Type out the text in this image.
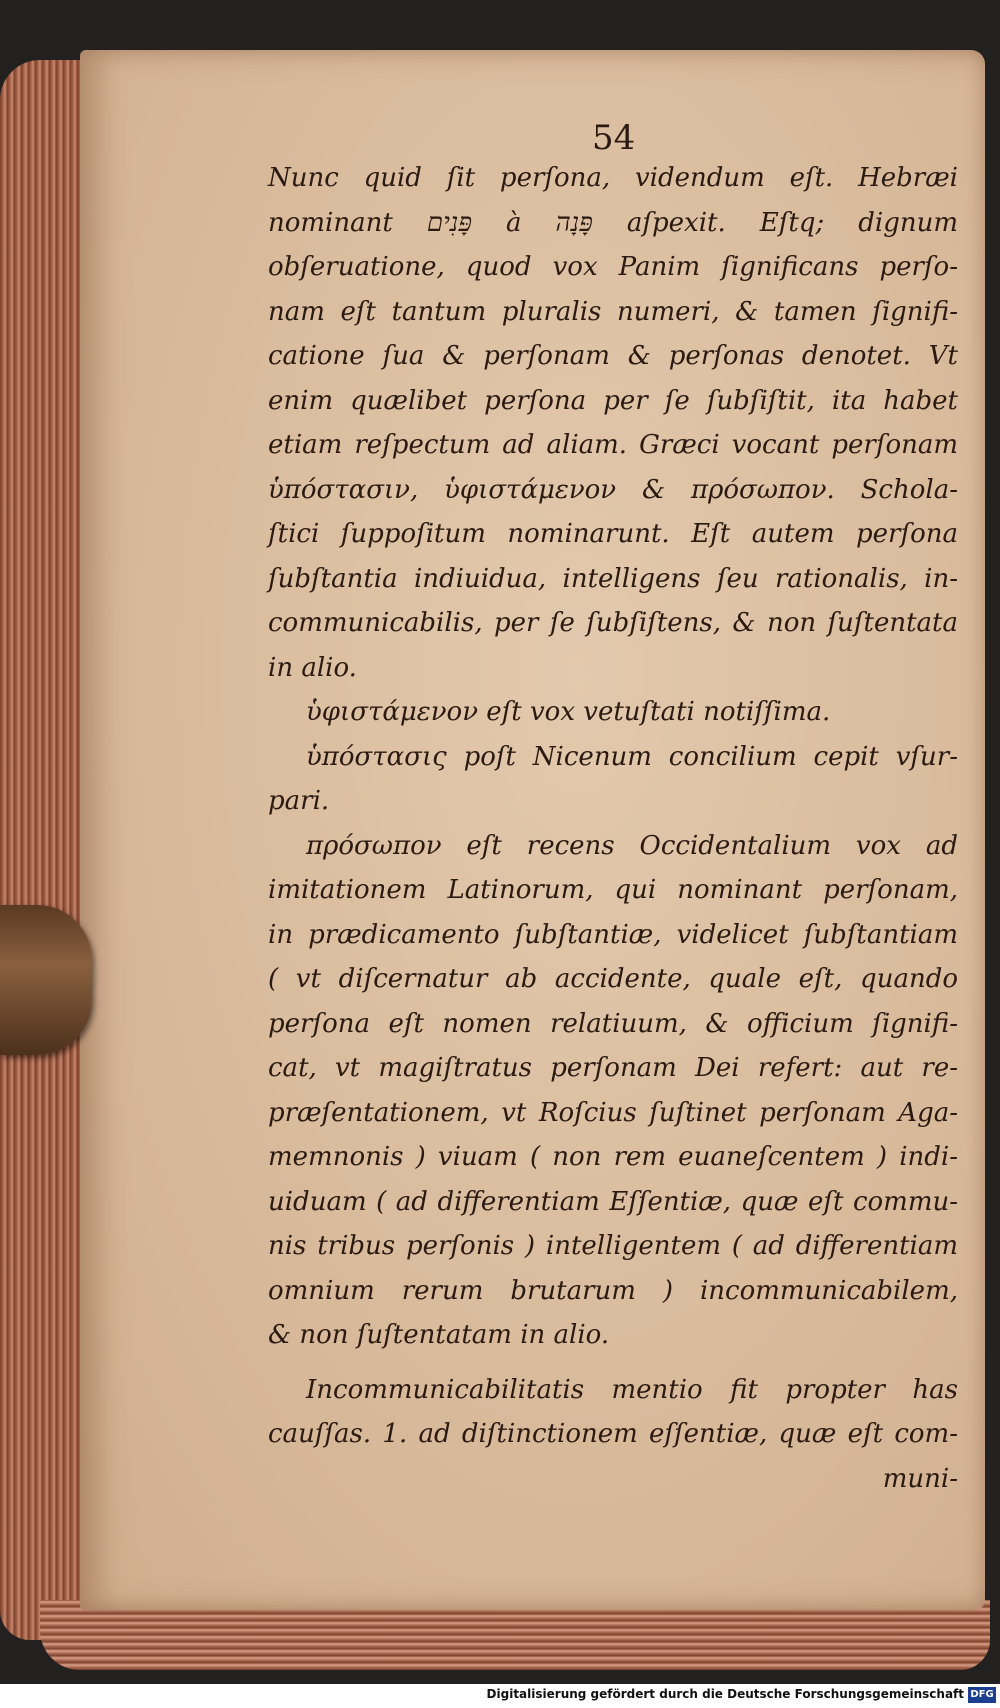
54
Nunc quid ſit perſona, videndum eſt. Hebræi
nominant פָּנִים à פָּנָה aſpexit. Eſtq; dignum
obſeruatione, quod vox Panim ſignificans perſo-
nam eſt tantum pluralis numeri, & tamen ſignifi-
catione ſua & perſonam & perſonas denotet. Vt
enim quælibet perſona per ſe ſubſiſtit, ita habet
etiam reſpectum ad aliam. Græci vocant perſonam
ὑπόστασιν, ὑφιστάμενον & πρόσωπον. Schola-
ſtici ſuppoſitum nominarunt. Eſt autem perſona
ſubſtantia indiuidua, intelligens ſeu rationalis, in-
communicabilis, per ſe ſubſiſtens, & non ſuſtentata
in alio.
ὑφιστάμενον eſt vox vetuſtati notiſſima.
ὑπόστασις poſt Nicenum concilium cepit vſur-
pari.
πρόσωπον eſt recens Occidentalium vox ad
imitationem Latinorum, qui nominant perſonam,
in prædicamento ſubſtantiæ, videlicet ſubſtantiam
( vt diſcernatur ab accidente, quale eſt, quando
perſona eſt nomen relatiuum, & officium ſignifi-
cat, vt magiſtratus perſonam Dei refert: aut re-
præſentationem, vt Roſcius ſuſtinet perſonam Aga-
memnonis ) viuam ( non rem euaneſcentem ) indi-
uiduam ( ad differentiam Eſſentiæ, quæ eſt commu-
nis tribus perſonis ) intelligentem ( ad differentiam
omnium rerum brutarum ) incommunicabilem,
& non ſuſtentatam in alio.
Incommunicabilitatis mentio fit propter has
cauſſas. 1. ad diſtinctionem eſſentiæ, quæ eſt com-
muni-
Digitalisierung gefördert durch die Deutsche Forschungsgemeinschaft DFG
